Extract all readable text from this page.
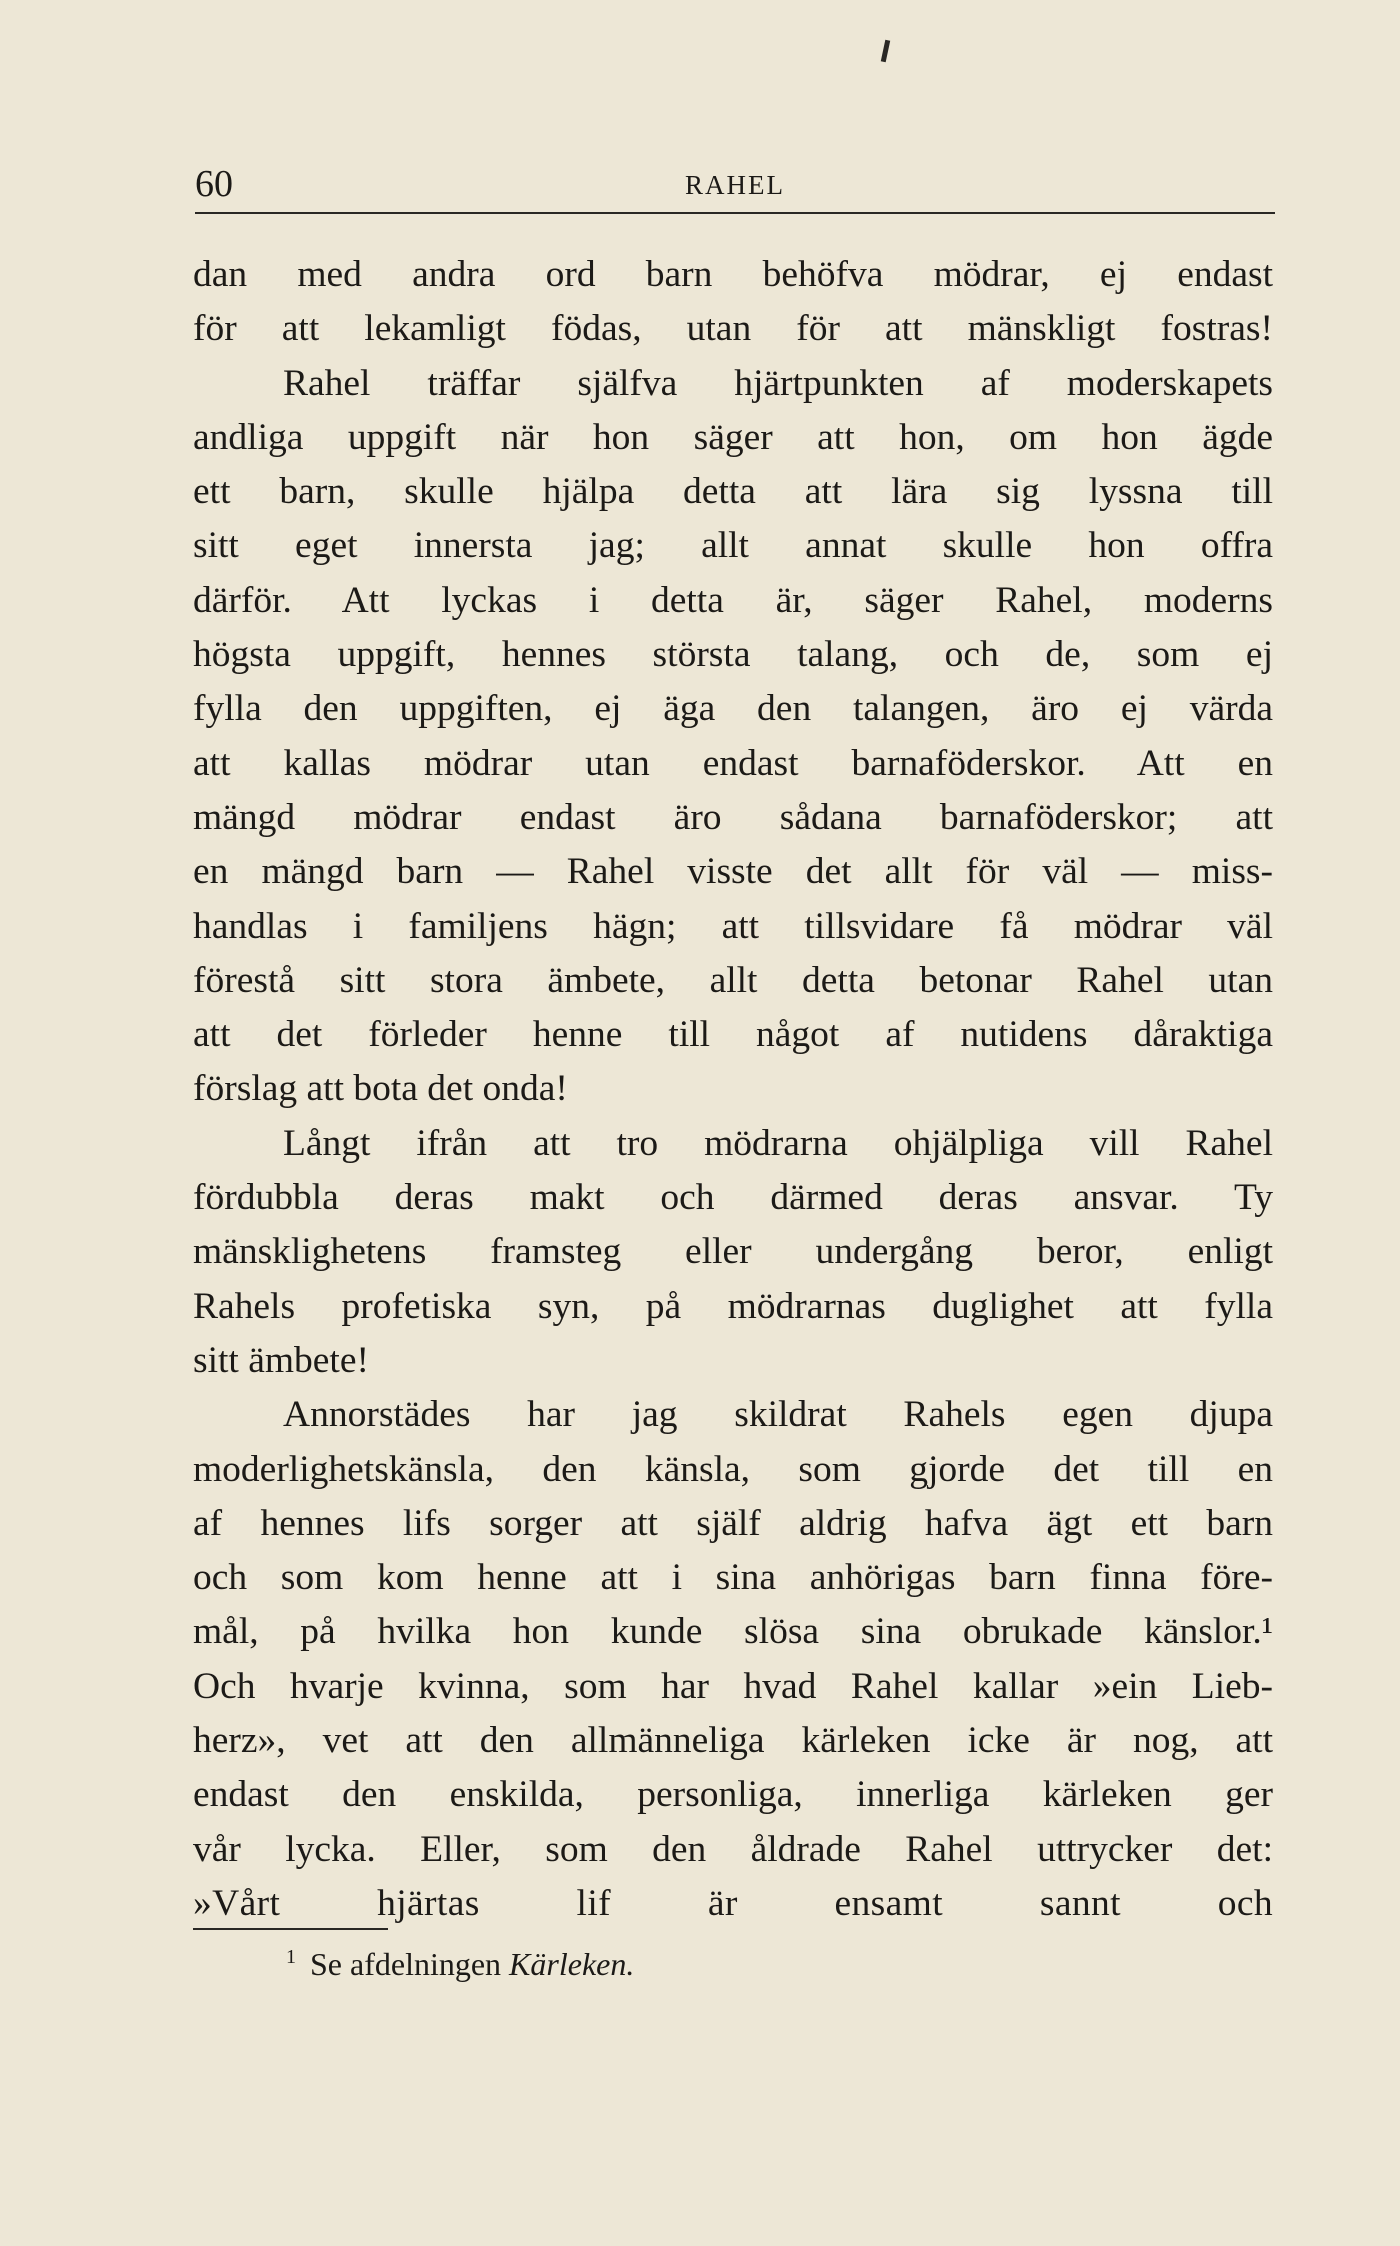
60	RAHEL
dan med andra ord barn behöfva mödrar, ej endast
för att lekamligt födas, utan för att mänskligt fostras!
Rahel träffar själfva hjärtpunkten af moderskapets
andliga uppgift när hon säger att hon, om hon ägde
ett barn, skulle hjälpa detta att lära sig lyssna till
sitt eget innersta jag; allt annat skulle hon offra
därför. Att lyckas i detta är, säger Rahel, moderns
högsta uppgift, hennes största talang, och de, som ej
fylla den uppgiften, ej äga den talangen, äro ej värda
att kallas mödrar utan endast barnaföderskor. Att en
mängd mödrar endast äro sådana barnaföderskor; att
en mängd barn — Rahel visste det allt för väl — miss-
handlas i familjens hägn; att tillsvidare få mödrar väl
förestå sitt stora ämbete, allt detta betonar Rahel utan
att det förleder henne till något af nutidens dåraktiga
förslag att bota det onda!
Långt ifrån att tro mödrarna ohjälpliga vill Rahel
fördubbla deras makt och därmed deras ansvar. Ty
mänsklighetens framsteg eller undergång beror, enligt
Rahels profetiska syn, på mödrarnas duglighet att fylla
sitt ämbete!
Annorstädes har jag skildrat Rahels egen djupa
moderlighetskänsla, den känsla, som gjorde det till en
af hennes lifs sorger att själf aldrig hafva ägt ett barn
och som kom henne att i sina anhörigas barn finna före-
mål, på hvilka hon kunde slösa sina obrukade känslor.¹
Och hvarje kvinna, som har hvad Rahel kallar »ein Lieb-
herz», vet att den allmänneliga kärleken icke är nog, att
endast den enskilda, personliga, innerliga kärleken ger
vår lycka. Eller, som den åldrade Rahel uttrycker det:
»Vårt hjärtas lif är ensamt sannt och
$^1$ Se afdelningen Kärleken.
